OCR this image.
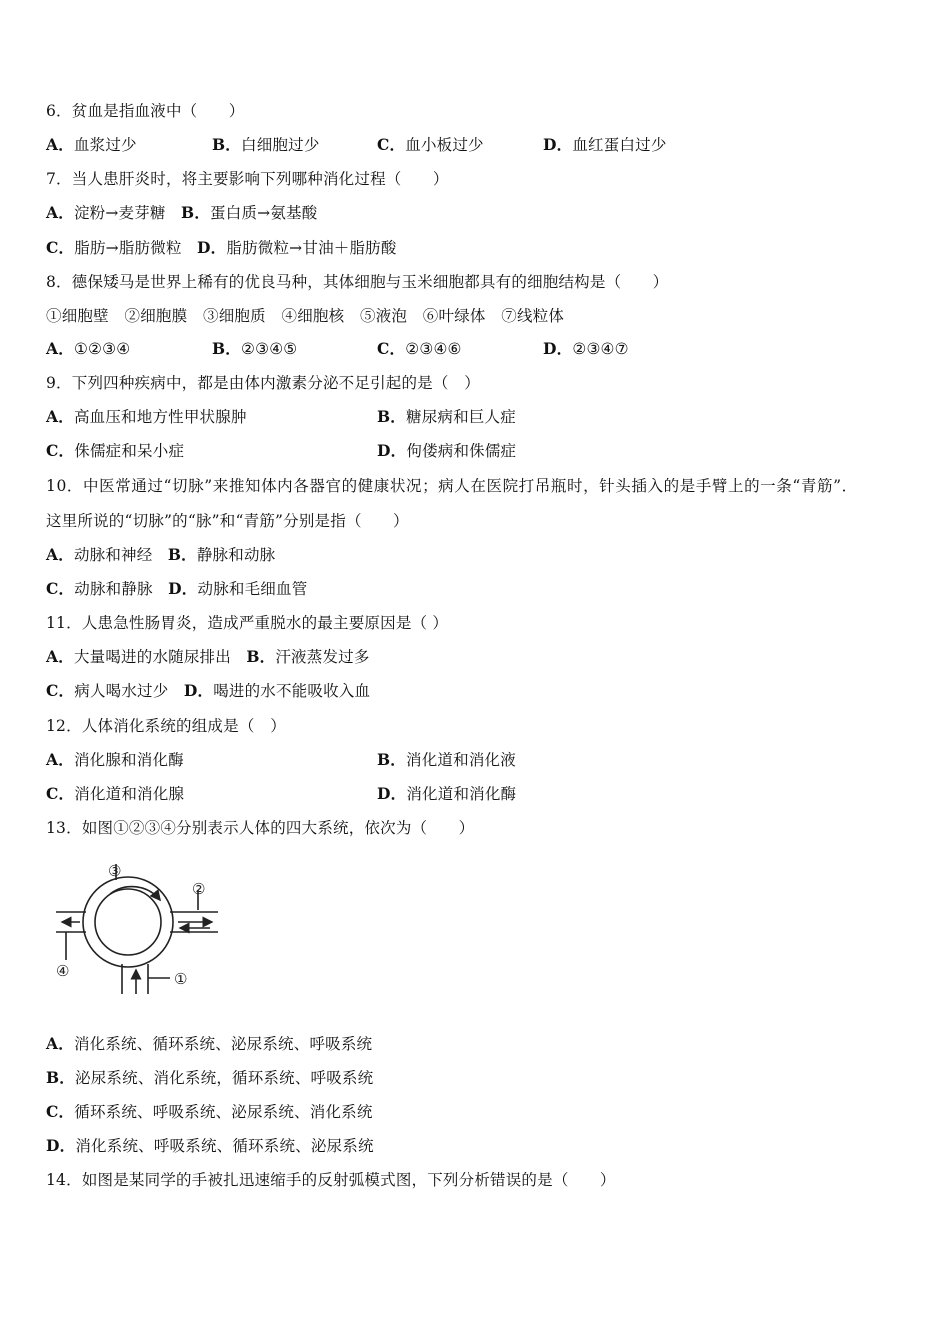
6．贫血是指血液中（　　）
A．血浆过少	B．白细胞过少	C．血小板过少	D．血红蛋白过少
7．当人患肝炎时，将主要影响下列哪种消化过程（　　）
A．淀粉→麦芽糖 B．蛋白质→氨基酸
C．脂肪→脂肪微粒 D．脂肪微粒→甘油＋脂肪酸
8．德保矮马是世界上稀有的优良马种，其体细胞与玉米细胞都具有的细胞结构是（　　）
①细胞壁　②细胞膜　③细胞质　④细胞核　⑤液泡　⑥叶绿体　⑦线粒体
A．①②③④	B．②③④⑤	C．②③④⑥	D．②③④⑦
9．下列四种疾病中，都是由体内激素分泌不足引起的是（　）
A．高血压和地方性甲状腺肿	B．糖尿病和巨人症
C．侏儒症和呆小症	D．佝偻病和侏儒症
10．中医常通过“切脉”来推知体内各器官的健康状况；病人在医院打吊瓶时，针头插入的是手臂上的一条“青筋”．
这里所说的“切脉”的“脉”和“青筋”分别是指（　　）
A．动脉和神经 B．静脉和动脉
C．动脉和静脉 D．动脉和毛细血管
11．人患急性肠胃炎，造成严重脱水的最主要原因是（ ）
A．大量喝进的水随尿排出 B．汗液蒸发过多
C．病人喝水过少 D．喝进的水不能吸收入血
12．人体消化系统的组成是（　）
A．消化腺和消化酶	B．消化道和消化液
C．消化道和消化腺	D．消化道和消化酶
13．如图①②③④分别表示人体的四大系统，依次为（　　）
③
②
④	①
A．消化系统、循环系统、泌尿系统、呼吸系统
B．泌尿系统、消化系统，循环系统、呼吸系统
C．循环系统、呼吸系统、泌尿系统、消化系统
D．消化系统、呼吸系统、循环系统、泌尿系统
14．如图是某同学的手被扎迅速缩手的反射弧模式图，下列分析错误的是（　　）
